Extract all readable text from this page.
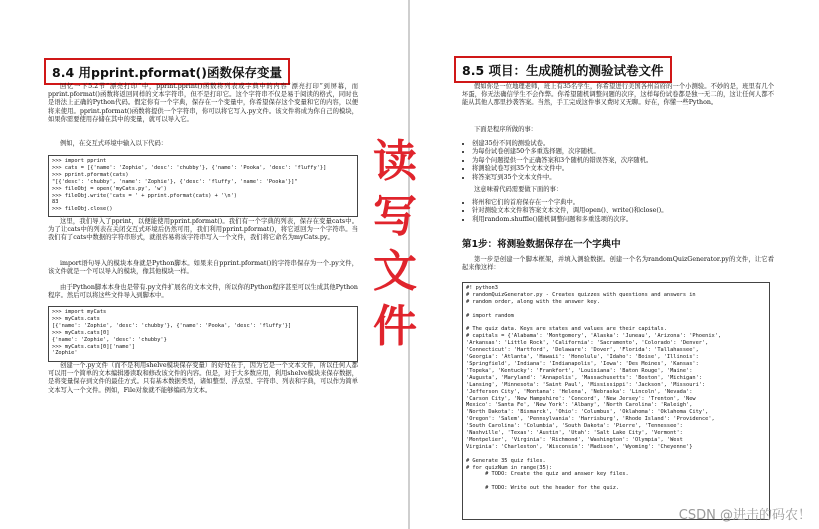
8.4 用pprint.pformat()函数保存变量
回忆一下5.2节“漂亮打印”中，pprint.pprint()函数将列表或字典中的内容“漂亮打印”到屏幕，而pprint.pformat()函数将返回同样的文本字符串，但不是打印它。这个字符串不仅是易于阅读的格式，同时也是语法上正确的Python代码。假定你有一个字典，保存在一个变量中，你希望保存这个变量和它的内容，以便将来使用。pprint.pformat()函数将提供一个字符串，你可以将它写入.py文件。该文件将成为你自己的模块，如果你需要使用存储在其中的变量，就可以导入它。
例如，在交互式环境中输入以下代码：
>>> import pprint
>>> cats = [{'name': 'Zophie', 'desc': 'chubby'}, {'name': 'Pooka', 'desc': 'fluffy'}]
>>> pprint.pformat(cats)
"[{'desc': 'chubby', 'name': 'Zophie'}, {'desc': 'fluffy', 'name': 'Pooka'}]"
>>> fileObj = open('myCats.py', 'w')
>>> fileObj.write('cats = ' + pprint.pformat(cats) + '\n')
83
>>> fileObj.close()
这里，我们导入了pprint，以便能使用pprint.pformat()。我们有一个字典的列表，保存在变量cats中。为了让cats中的列表在关闭交互式环境后仍然可用，我们利用pprint.pformat()，将它返回为一个字符串。当我们有了cats中数据的字符串形式，就很容易将该字符串写入一个文件，我们将它命名为myCats.py。
import语句导入的模块本身就是Python脚本。如果来自pprint.pformat()的字符串保存为一个.py文件，该文件就是一个可以导入的模块，像其他模块一样。
由于Python脚本本身也是带有.py文件扩展名的文本文件，所以你的Python程序甚至可以生成其他Python程序。然后可以将这些文件导入到脚本中。
>>> import myCats
>>> myCats.cats
[{'name': 'Zophie', 'desc': 'chubby'}, {'name': 'Pooka', 'desc': 'fluffy'}]
>>> myCats.cats[0]
{'name': 'Zophie', 'desc': 'chubby'}
>>> myCats.cats[0]['name']
'Zophie'
创建一个.py文件（而不是利用shelve模块保存变量）的好处在于，因为它是一个文本文件，所以任何人都可以用一个简单的文本编辑器读取和修改该文件的内容。但是，对于大多数应用，利用shelve模块来保存数据，是将变量保存到文件的最佳方式。只有基本数据类型，诸如整型、浮点型、字符串、列表和字典，可以作为简单文本写入一个文件。例如，File对象就不能够编码为文本。
8.5 项目：生成随机的测验试卷文件
假如你是一位地理老师，班上有35名学生，你希望进行美国各州首府的一个小测验。不妙的是，班里有几个坏蛋，你无法确信学生不会作弊。你希望随机调整问题的次序，这样每份试卷都是独一无二的，这让任何人都不能从其他人那里抄袭答案。当然，手工完成这件事又费时又无聊。好在，你懂一些Python。
下面是程序所做的事：
• 创建35份不同的测验试卷。
• 为每份试卷创建50个多重选择题，次序随机。
• 为每个问题提供一个正确答案和3个随机的错误答案，次序随机。
• 将测验试卷写到35个文本文件中。
• 将答案写到35个文本文件中。
这意味着代码需要做下面的事：
• 将州和它们的首府保存在一个字典中。
• 针对测验文本文件和答案文本文件，调用open()、write()和close()。
• 利用random.shuffle()随机调整问题和多重选项的次序。
第1步：将测验数据保存在一个字典中
第一步是创建一个脚本框架，并填入测验数据。创建一个名为randomQuizGenerator.py的文件，让它看起来像这样：
#! python3
# randomQuizGenerator.py - Creates quizzes with questions and answers in
# random order, along with the answer key.

# import random

# The quiz data. Keys are states and values are their capitals.
# capitals = {'Alabama': 'Montgomery', 'Alaska': 'Juneau', 'Arizona': 'Phoenix',
'Arkansas': 'Little Rock', 'California': 'Sacramento', 'Colorado': 'Denver',
'Connecticut': 'Hartford', 'Delaware': 'Dover', 'Florida': 'Tallahassee',
'Georgia': 'Atlanta', 'Hawaii': 'Honolulu', 'Idaho': 'Boise', 'Illinois':
'Springfield', 'Indiana': 'Indianapolis', 'Iowa': 'Des Moines', 'Kansas':
'Topeka', 'Kentucky': 'Frankfort', 'Louisiana': 'Baton Rouge', 'Maine':
'Augusta', 'Maryland': 'Annapolis', 'Massachusetts': 'Boston', 'Michigan':
'Lansing', 'Minnesota': 'Saint Paul', 'Mississippi': 'Jackson', 'Missouri':
'Jefferson City', 'Montana': 'Helena', 'Nebraska': 'Lincoln', 'Nevada':
'Carson City', 'New Hampshire': 'Concord', 'New Jersey': 'Trenton', 'New
Mexico': 'Santa Fe', 'New York': 'Albany', 'North Carolina': 'Raleigh',
'North Dakota': 'Bismarck', 'Ohio': 'Columbus', 'Oklahoma': 'Oklahoma City',
'Oregon': 'Salem', 'Pennsylvania': 'Harrisburg', 'Rhode Island': 'Providence',
'South Carolina': 'Columbia', 'South Dakota': 'Pierre', 'Tennessee':
'Nashville', 'Texas': 'Austin', 'Utah': 'Salt Lake City', 'Vermont':
'Montpelier', 'Virginia': 'Richmond', 'Washington': 'Olympia', 'West
Virginia': 'Charleston', 'Wisconsin': 'Madison', 'Wyoming': 'Cheyenne'}

# Generate 35 quiz files.
# for quizNum in range(35):
# TODO: Create the quiz and answer key files.

# TODO: Write out the header for the quiz.
读
写
文
件
CSDN @进击的码农！
